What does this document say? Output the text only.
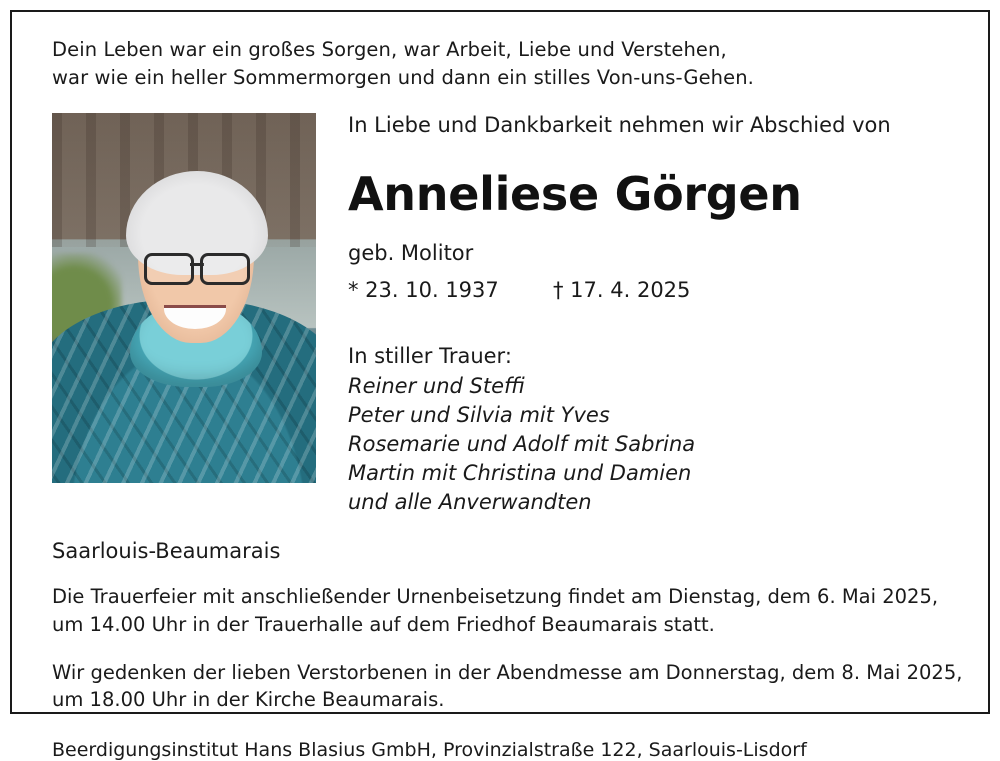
Dein Leben war ein großes Sorgen, war Arbeit, Liebe und Verstehen,
war wie ein heller Sommermorgen und dann ein stilles Von-uns-Gehen.
In Liebe und Dankbarkeit nehmen wir Abschied von
Anneliese Görgen
geb. Molitor
* 23. 10. 1937	† 17. 4. 2025
In stiller Trauer:
Reiner und Steffi
Peter und Silvia mit Yves
Rosemarie und Adolf mit Sabrina
Martin mit Christina und Damien
und alle Anverwandten
Saarlouis-Beaumarais
Die Trauerfeier mit anschließender Urnenbeisetzung findet am Dienstag, dem 6. Mai 2025,
um 14.00 Uhr in der Trauerhalle auf dem Friedhof Beaumarais statt.
Wir gedenken der lieben Verstorbenen in der Abendmesse am Donnerstag, dem 8. Mai 2025,
um 18.00 Uhr in der Kirche Beaumarais.
Beerdigungsinstitut Hans Blasius GmbH, Provinzialstraße 122, Saarlouis-Lisdorf
